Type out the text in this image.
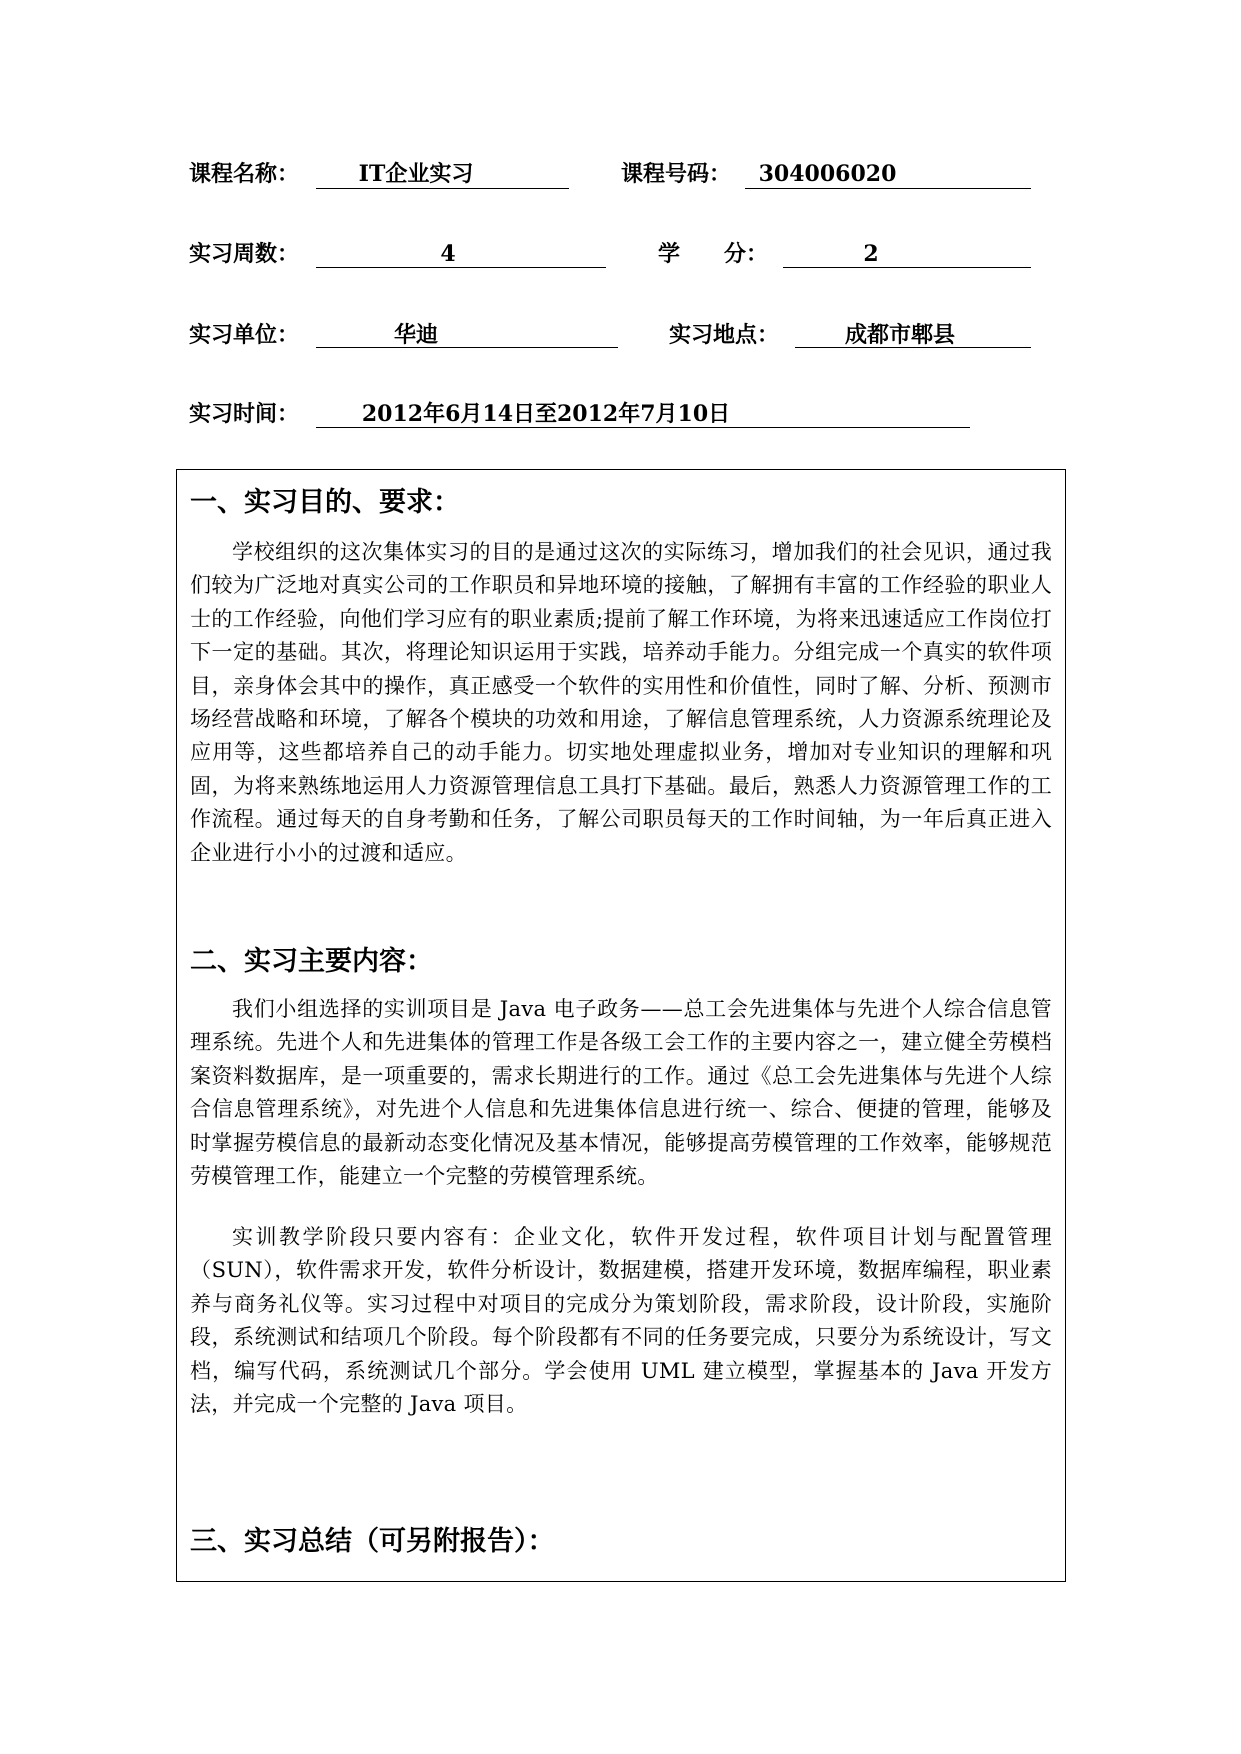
课程名称：	IT企业实习	课程号码：	304006020
实习周数：	4	学　　分：	2
实习单位：	华迪	实习地点：	成都市郫县
实习时间：	2012年6月14日至2012年7月10日
一、实习目的、要求：
学校组织的这次集体实习的目的是通过这次的实际练习，增加我们的社会见识，通过我们较为广泛地对真实公司的工作职员和异地环境的接触，了解拥有丰富的工作经验的职业人士的工作经验，向他们学习应有的职业素质;提前了解工作环境，为将来迅速适应工作岗位打下一定的基础。其次，将理论知识运用于实践，培养动手能力。分组完成一个真实的软件项目，亲身体会其中的操作，真正感受一个软件的实用性和价值性，同时了解、分析、预测市场经营战略和环境，了解各个模块的功效和用途，了解信息管理系统，人力资源系统理论及应用等，这些都培养自己的动手能力。切实地处理虚拟业务，增加对专业知识的理解和巩固，为将来熟练地运用人力资源管理信息工具打下基础。最后，熟悉人力资源管理工作的工作流程。通过每天的自身考勤和任务，了解公司职员每天的工作时间轴，为一年后真正进入企业进行小小的过渡和适应。
二、实习主要内容：
我们小组选择的实训项目是 Java 电子政务——总工会先进集体与先进个人综合信息管理系统。先进个人和先进集体的管理工作是各级工会工作的主要内容之一，建立健全劳模档案资料数据库，是一项重要的，需求长期进行的工作。通过《总工会先进集体与先进个人综合信息管理系统》，对先进个人信息和先进集体信息进行统一、综合、便捷的管理，能够及时掌握劳模信息的最新动态变化情况及基本情况，能够提高劳模管理的工作效率，能够规范劳模管理工作，能建立一个完整的劳模管理系统。
实训教学阶段只要内容有：企业文化，软件开发过程，软件项目计划与配置管理（SUN），软件需求开发，软件分析设计，数据建模，搭建开发环境，数据库编程，职业素养与商务礼仪等。实习过程中对项目的完成分为策划阶段，需求阶段，设计阶段，实施阶段，系统测试和结项几个阶段。每个阶段都有不同的任务要完成，只要分为系统设计，写文档，编写代码，系统测试几个部分。学会使用 UML 建立模型，掌握基本的 Java 开发方法，并完成一个完整的 Java 项目。
三、实习总结（可另附报告）：
